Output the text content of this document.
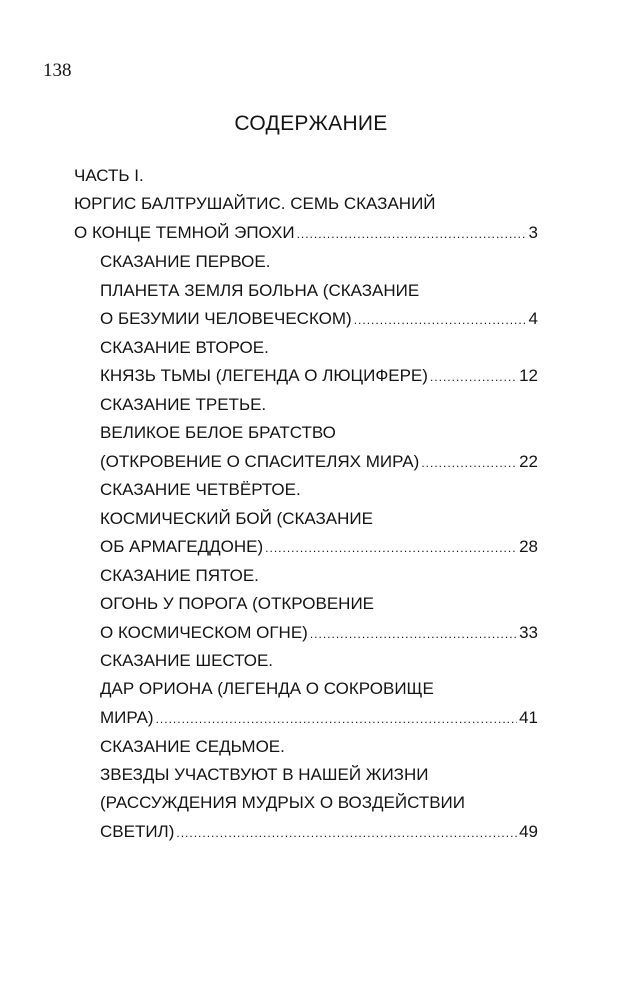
138
СОДЕРЖАНИЕ
ЧАСТЬ I.
ЮРГИС БАЛТРУШАЙТИС. СЕМЬ СКАЗАНИЙ
О КОНЦЕ ТЕМНОЙ ЭПОХИ .....	3
СКАЗАНИЕ ПЕРВОЕ.
ПЛАНЕТА ЗЕМЛЯ БОЛЬНА (СКАЗАНИЕ
О БЕЗУМИИ ЧЕЛОВЕЧЕСКОМ) .....	4
СКАЗАНИЕ ВТОРОЕ.
КНЯЗЬ ТЬМЫ (ЛЕГЕНДА О ЛЮЦИФЕРЕ) .....	12
СКАЗАНИЕ ТРЕТЬЕ.
ВЕЛИКОЕ БЕЛОЕ БРАТСТВО
(ОТКРОВЕНИЕ О СПАСИТЕЛЯХ МИРА) .....	22
СКАЗАНИЕ ЧЕТВЁРТОЕ.
КОСМИЧЕСКИЙ БОЙ (СКАЗАНИЕ
ОБ АРМАГЕДДОНЕ) .....	28
СКАЗАНИЕ ПЯТОЕ.
ОГОНЬ У ПОРОГА (ОТКРОВЕНИЕ
О КОСМИЧЕСКОМ ОГНЕ) .....	33
СКАЗАНИЕ ШЕСТОЕ.
ДАР ОРИОНА (ЛЕГЕНДА О СОКРОВИЩЕ
МИРА) .....	41
СКАЗАНИЕ СЕДЬМОЕ.
ЗВЕЗДЫ УЧАСТВУЮТ В НАШЕЙ ЖИЗНИ
(РАССУЖДЕНИЯ МУДРЫХ О ВОЗДЕЙСТВИИ
СВЕТИЛ) .....	49
